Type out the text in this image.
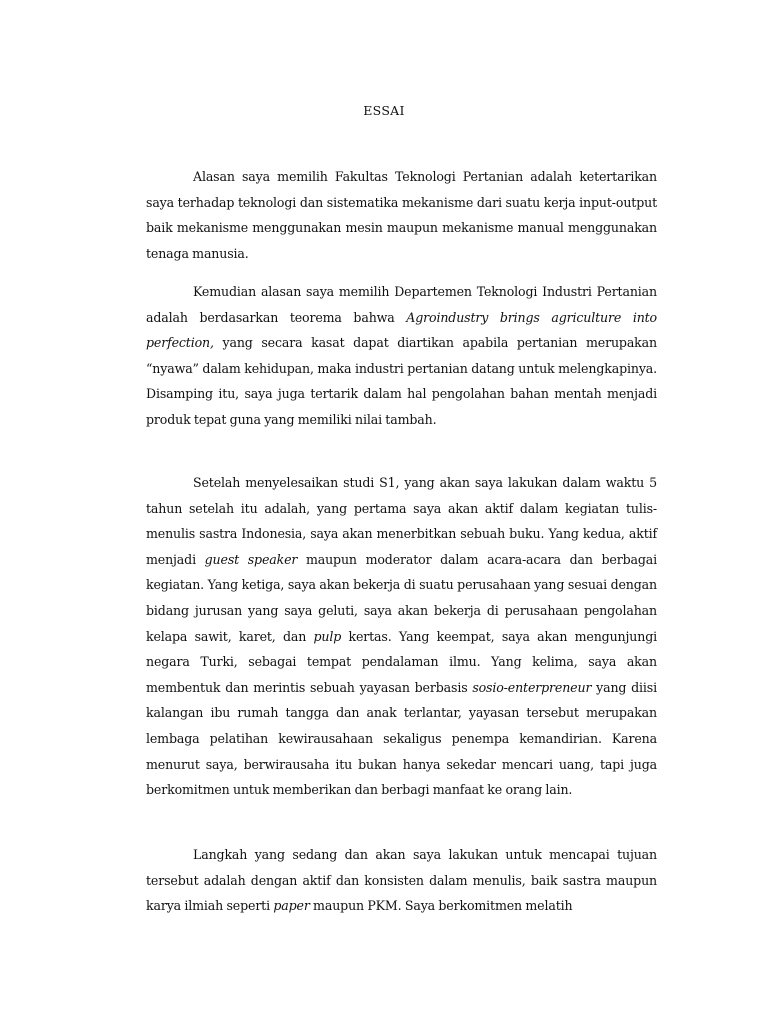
ESSAI

Alasan saya memilih Fakultas Teknologi Pertanian adalah ketertarikan saya terhadap teknologi dan sistematika mekanisme dari suatu kerja input-output baik mekanisme menggunakan mesin maupun mekanisme manual menggunakan tenaga manusia.

Kemudian alasan saya memilih Departemen Teknologi Industri Pertanian adalah berdasarkan teorema bahwa Agroindustry brings agriculture into perfection, yang secara kasat dapat diartikan apabila pertanian merupakan “nyawa” dalam kehidupan, maka industri pertanian datang untuk melengkapinya. Disamping itu, saya juga tertarik dalam hal pengolahan bahan mentah menjadi produk tepat guna yang memiliki nilai tambah.

Setelah menyelesaikan studi S1, yang akan saya lakukan dalam waktu 5 tahun setelah itu adalah, yang pertama saya akan aktif dalam kegiatan tulis-menulis sastra Indonesia, saya akan menerbitkan sebuah buku. Yang kedua, aktif menjadi guest speaker maupun moderator dalam acara-acara dan berbagai kegiatan. Yang ketiga, saya akan bekerja di suatu perusahaan yang sesuai dengan bidang jurusan yang saya geluti, saya akan bekerja di perusahaan pengolahan kelapa sawit, karet, dan pulp kertas. Yang keempat, saya akan mengunjungi negara Turki, sebagai tempat pendalaman ilmu. Yang kelima, saya akan membentuk dan merintis sebuah yayasan berbasis sosio-enterpreneur yang diisi kalangan ibu rumah tangga dan anak terlantar, yayasan tersebut merupakan lembaga pelatihan kewirausahaan sekaligus penempa kemandirian. Karena menurut saya, berwirausaha itu bukan hanya sekedar mencari uang, tapi juga berkomitmen untuk memberikan dan berbagi manfaat ke orang lain.

Langkah yang sedang dan akan saya lakukan untuk mencapai tujuan tersebut adalah dengan aktif dan konsisten dalam menulis, baik sastra maupun karya ilmiah seperti paper maupun PKM. Saya berkomitmen melatih
